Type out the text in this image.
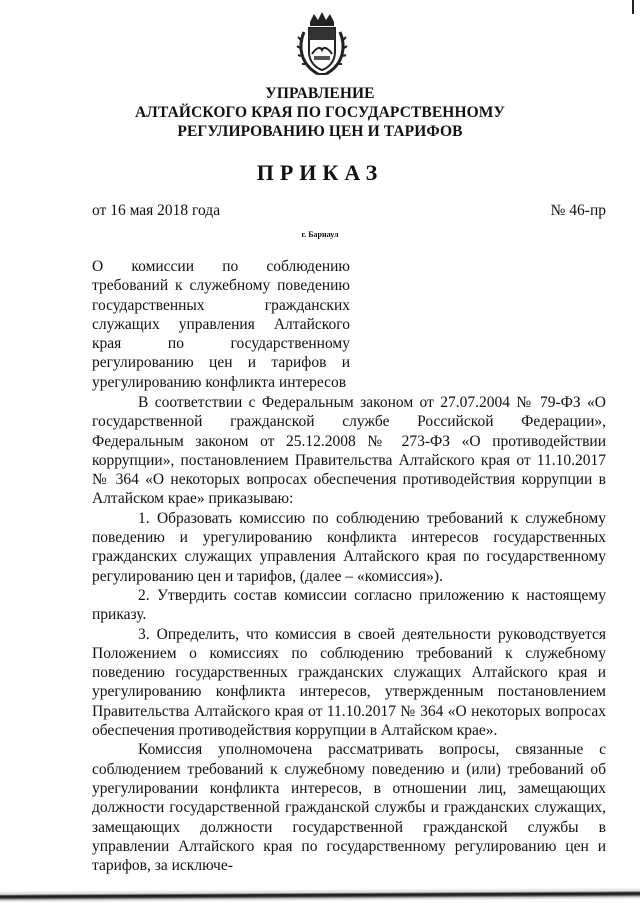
УПРАВЛЕНИЕ
АЛТАЙСКОГО КРАЯ ПО ГОСУДАРСТВЕННОМУ
РЕГУЛИРОВАНИЮ ЦЕН И ТАРИФОВ
ПРИКАЗ
от 16 мая 2018 года	№ 46-пр
г. Барнаул
О комиссии по соблюдению требований к служебному поведению государственных гражданских служащих управления Алтайского края по государственному регулированию цен и тарифов и урегулированию конфликта интересов

В соответствии с Федеральным законом от 27.07.2004 № 79-ФЗ «О государственной гражданской службе Российской Федерации», Федеральным законом от 25.12.2008 № 273-ФЗ «О противодействии коррупции», постановлением Правительства Алтайского края от 11.10.2017 № 364 «О некоторых вопросах обеспечения противодействия коррупции в Алтайском крае» приказываю:

1. Образовать комиссию по соблюдению требований к служебному поведению и урегулированию конфликта интересов государственных гражданских служащих управления Алтайского края по государственному регулированию цен и тарифов, (далее – «комиссия»).

2. Утвердить состав комиссии согласно приложению к настоящему приказу.

3. Определить, что комиссия в своей деятельности руководствуется Положением о комиссиях по соблюдению требований к служебному поведению государственных гражданских служащих Алтайского края и урегулированию конфликта интересов, утвержденным постановлением Правительства Алтайского края от 11.10.2017 № 364 «О некоторых вопросах обеспечения противодействия коррупции в Алтайском крае».

Комиссия уполномочена рассматривать вопросы, связанные с соблюдением требований к служебному поведению и (или) требований об урегулировании конфликта интересов, в отношении лиц, замещающих должности государственной гражданской службы и гражданских служащих, замещающих должности государственной гражданской службы в управлении Алтайского края по государственному регулированию цен и тарифов, за исключе-
